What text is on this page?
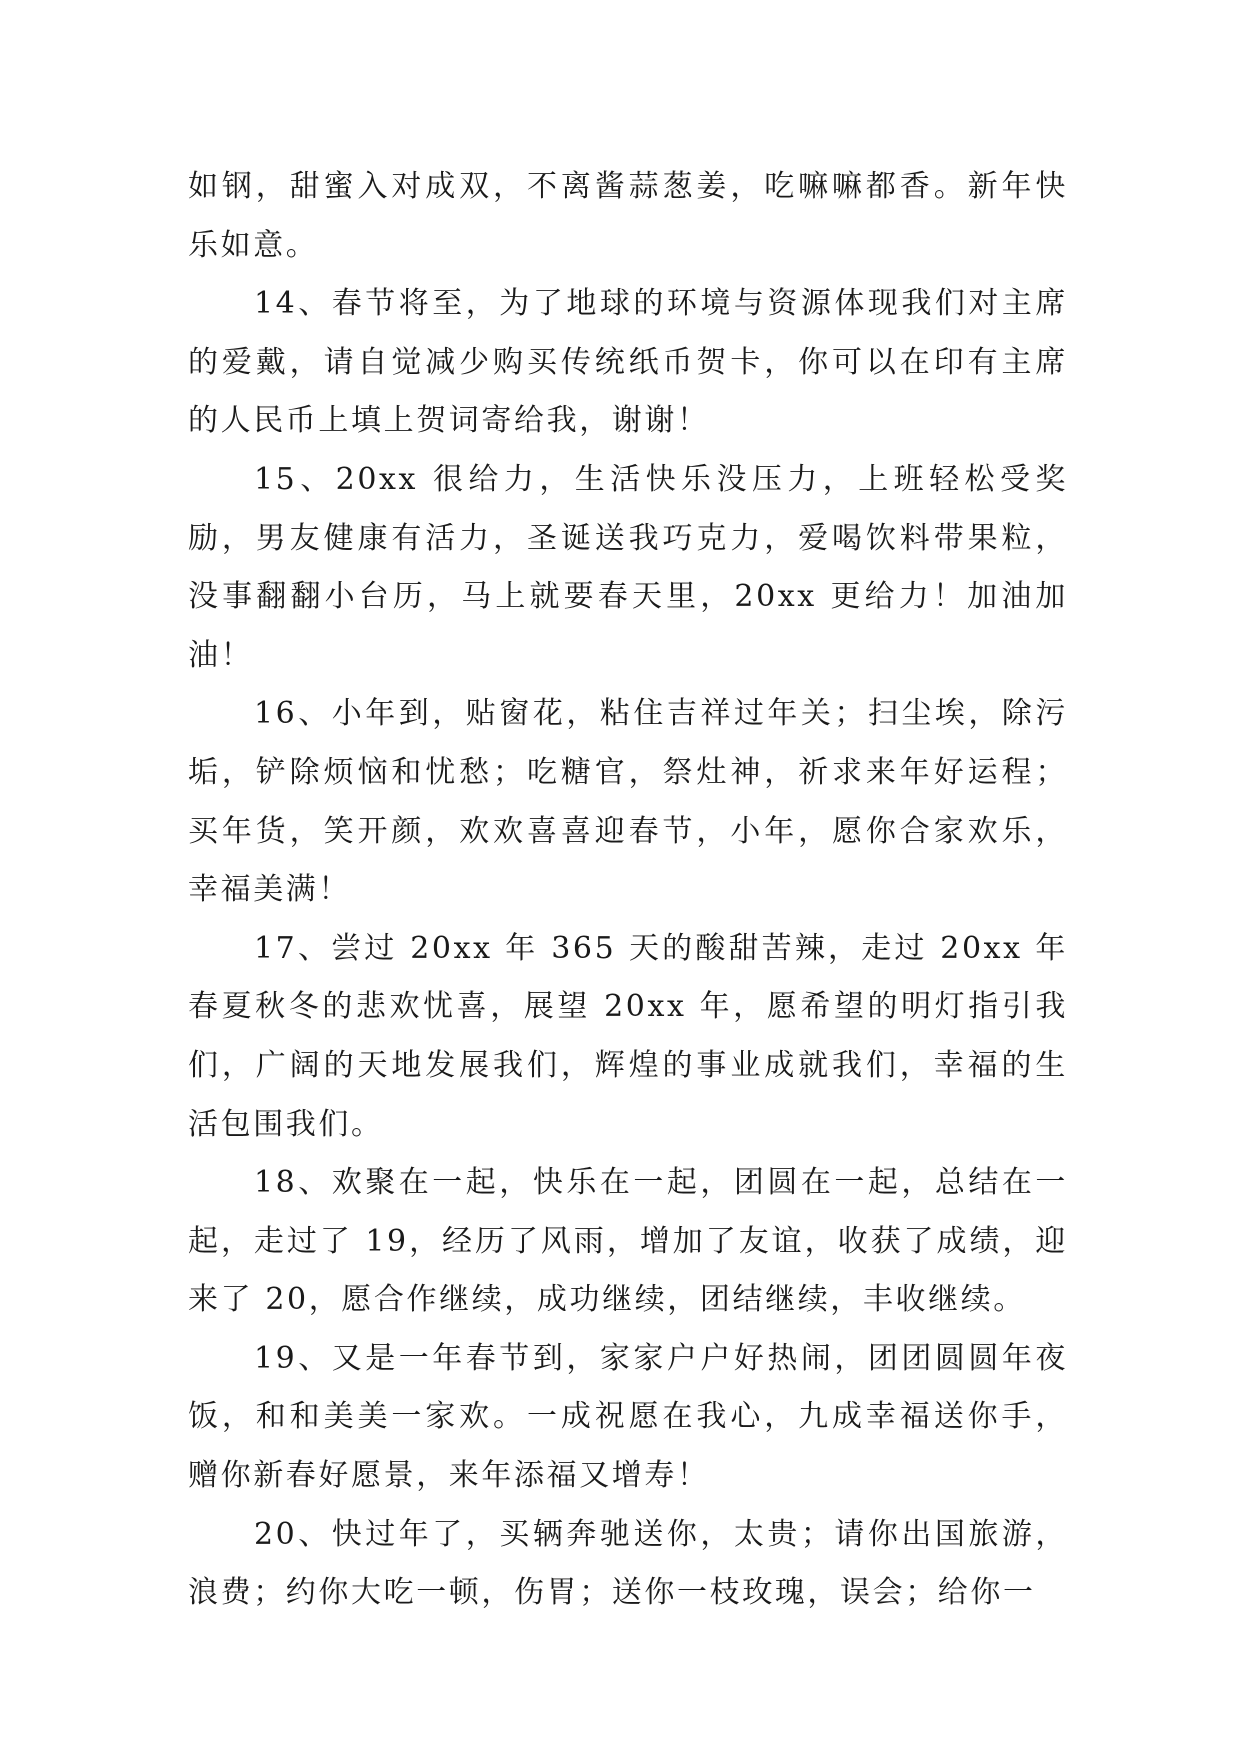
如钢，甜蜜入对成双，不离酱蒜葱姜，吃嘛嘛都香。新年快乐如意。

14、春节将至，为了地球的环境与资源体现我们对主席的爱戴，请自觉减少购买传统纸币贺卡，你可以在印有主席的人民币上填上贺词寄给我，谢谢！

15、20xx 很给力，生活快乐没压力，上班轻松受奖励，男友健康有活力，圣诞送我巧克力，爱喝饮料带果粒，没事翻翻小台历，马上就要春天里，20xx 更给力！加油加油！

16、小年到，贴窗花，粘住吉祥过年关；扫尘埃，除污垢，铲除烦恼和忧愁；吃糖官，祭灶神，祈求来年好运程；买年货，笑开颜，欢欢喜喜迎春节，小年，愿你合家欢乐，幸福美满！

17、尝过 20xx 年 365 天的酸甜苦辣，走过 20xx 年春夏秋冬的悲欢忧喜，展望 20xx 年，愿希望的明灯指引我们，广阔的天地发展我们，辉煌的事业成就我们，幸福的生活包围我们。

18、欢聚在一起，快乐在一起，团圆在一起，总结在一起，走过了 19，经历了风雨，增加了友谊，收获了成绩，迎来了 20，愿合作继续，成功继续，团结继续，丰收继续。

19、又是一年春节到，家家户户好热闹，团团圆圆年夜饭，和和美美一家欢。一成祝愿在我心，九成幸福送你手，赠你新春好愿景，来年添福又增寿！

20、快过年了，买辆奔驰送你，太贵；请你出国旅游，浪费；约你大吃一顿，伤胃；送你一枝玫瑰，误会；给你一
